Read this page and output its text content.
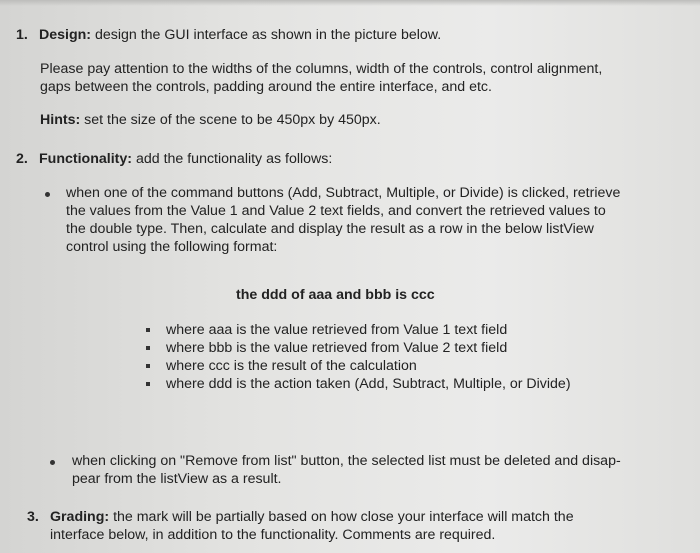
1. Design: design the GUI interface as shown in the picture below.
Please pay attention to the widths of the columns, width of the controls, control alignment,
gaps between the controls, padding around the entire interface, and etc.
Hints: set the size of the scene to be 450px by 450px.
2. Functionality: add the functionality as follows:
when one of the command buttons (Add, Subtract, Multiple, or Divide) is clicked, retrieve
the values from the Value 1 and Value 2 text fields, and convert the retrieved values to
the double type. Then, calculate and display the result as a row in the below listView
control using the following format:
the ddd of aaa and bbb is ccc
where aaa is the value retrieved from Value 1 text field
where bbb is the value retrieved from Value 2 text field
where ccc is the result of the calculation
where ddd is the action taken (Add, Subtract, Multiple, or Divide)
when clicking on "Remove from list" button, the selected list must be deleted and disap-
pear from the listView as a result.
3. Grading: the mark will be partially based on how close your interface will match the
interface below, in addition to the functionality. Comments are required.
